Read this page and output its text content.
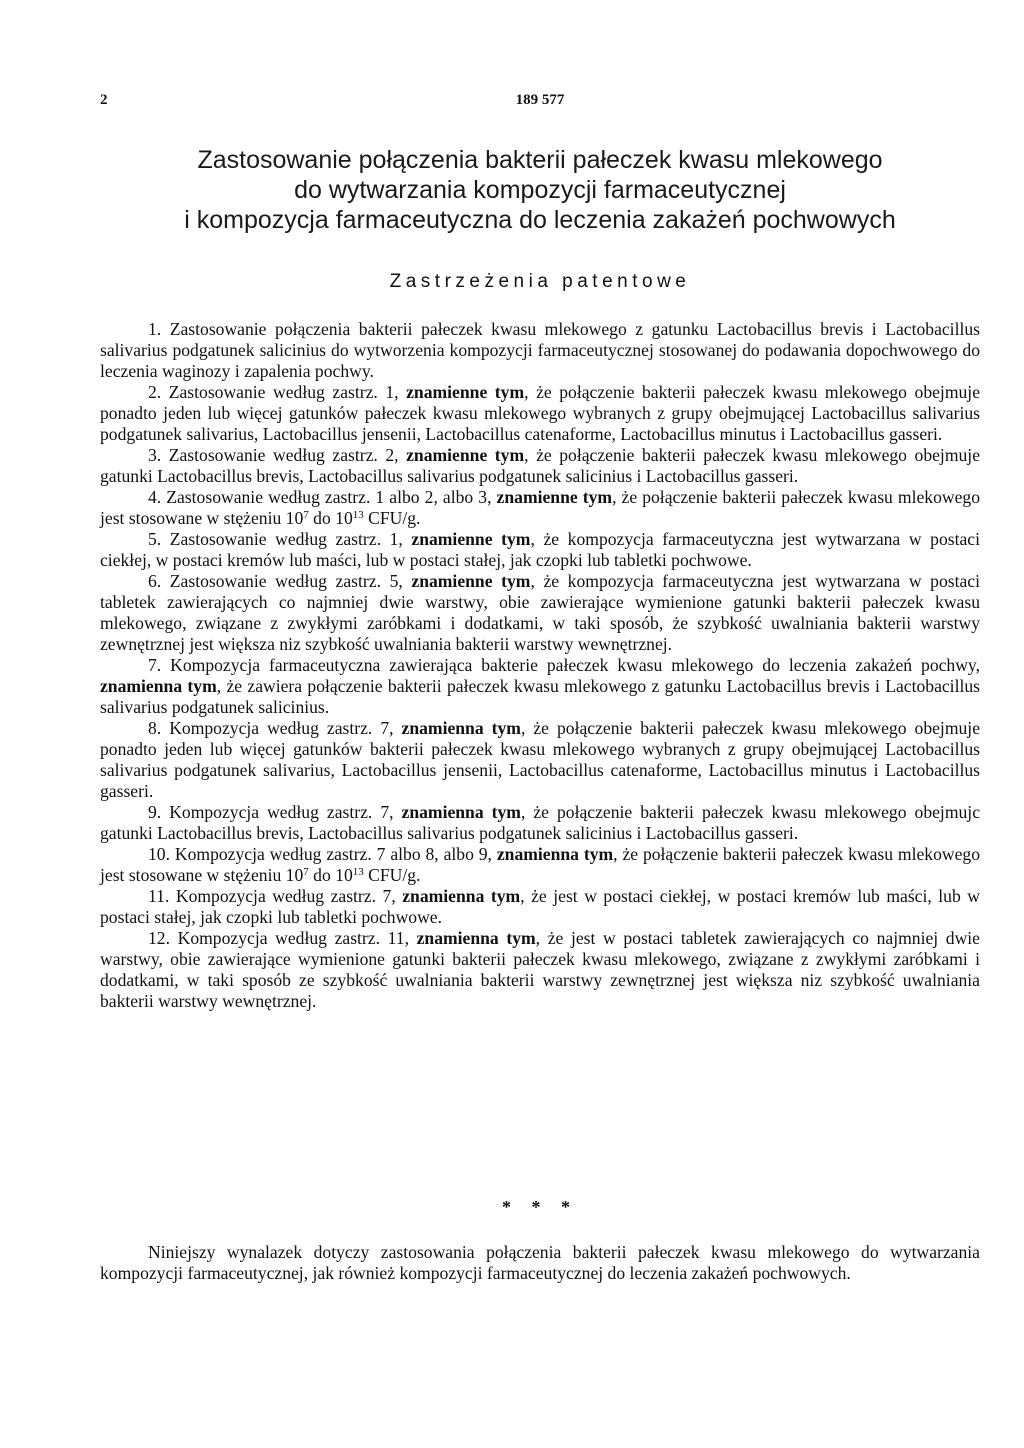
2	189 577
Zastosowanie połączenia bakterii pałeczek kwasu mlekowego
do wytwarzania kompozycji farmaceutycznej
i kompozycja farmaceutyczna do leczenia zakażeń pochwowych
Zastrzeżenia patentowe

1. Zastosowanie połączenia bakterii pałeczek kwasu mlekowego z gatunku Lactobacillus brevis i Lactobacillus salivarius podgatunek salicinius do wytworzenia kompozycji farmaceutycznej stosowanej do podawania dopochwowego do leczenia waginozy i zapalenia pochwy.

2. Zastosowanie według zastrz. 1, znamienne tym, że połączenie bakterii pałeczek kwasu mlekowego obejmuje ponadto jeden lub więcej gatunków pałeczek kwasu mlekowego wybranych z grupy obejmującej Lactobacillus salivarius podgatunek salivarius, Lactobacillus jensenii, Lactobacillus catenaforme, Lactobacillus minutus i Lactobacillus gasseri.

3. Zastosowanie według zastrz. 2, znamienne tym, że połączenie bakterii pałeczek kwasu mlekowego obejmuje gatunki Lactobacillus brevis, Lactobacillus salivarius podgatunek salicinius i Lactobacillus gasseri.

4. Zastosowanie według zastrz. 1 albo 2, albo 3, znamienne tym, że połączenie bakterii pałeczek kwasu mlekowego jest stosowane w stężeniu $10^7$ do $10^{13}$ CFU/g.

5. Zastosowanie według zastrz. 1, znamienne tym, że kompozycja farmaceutyczna jest wytwarzana w postaci ciekłej, w postaci kremów lub maści, lub w postaci stałej, jak czopki lub tabletki pochwowe.

6. Zastosowanie według zastrz. 5, znamienne tym, że kompozycja farmaceutyczna jest wytwarzana w postaci tabletek zawierających co najmniej dwie warstwy, obie zawierające wymienione gatunki bakterii pałeczek kwasu mlekowego, związane z zwykłymi zaróbkami i dodatkami, w taki sposób, że szybkość uwalniania bakterii warstwy zewnętrznej jest większa niz szybkość uwalniania bakterii warstwy wewnętrznej.

7. Kompozycja farmaceutyczna zawierająca bakterie pałeczek kwasu mlekowego do leczenia zakażeń pochwy, znamienna tym, że zawiera połączenie bakterii pałeczek kwasu mlekowego z gatunku Lactobacillus brevis i Lactobacillus salivarius podgatunek salicinius.

8. Kompozycja według zastrz. 7, znamienna tym, że połączenie bakterii pałeczek kwasu mlekowego obejmuje ponadto jeden lub więcej gatunków bakterii pałeczek kwasu mlekowego wybranych z grupy obejmującej Lactobacillus salivarius podgatunek salivarius, Lactobacillus jensenii, Lactobacillus catenaforme, Lactobacillus minutus i Lactobacillus gasseri.

9. Kompozycja według zastrz. 7, znamienna tym, że połączenie bakterii pałeczek kwasu mlekowego obejmujc gatunki Lactobacillus brevis, Lactobacillus salivarius podgatunek salicinius i Lactobacillus gasseri.

10. Kompozycja według zastrz. 7 albo 8, albo 9, znamienna tym, że połączenie bakterii pałeczek kwasu mlekowego jest stosowane w stężeniu $10^7$ do $10^{13}$ CFU/g.

11. Kompozycja według zastrz. 7, znamienna tym, że jest w postaci ciekłej, w postaci kremów lub maści, lub w postaci stałej, jak czopki lub tabletki pochwowe.

12. Kompozycja według zastrz. 11, znamienna tym, że jest w postaci tabletek zawierających co najmniej dwie warstwy, obie zawierające wymienione gatunki bakterii pałeczek kwasu mlekowego, związane z zwykłymi zaróbkami i dodatkami, w taki sposób ze szybkość uwalniania bakterii warstwy zewnętrznej jest większa niz szybkość uwalniania bakterii warstwy wewnętrznej.

* * *

Niniejszy wynalazek dotyczy zastosowania połączenia bakterii pałeczek kwasu mlekowego do wytwarzania kompozycji farmaceutycznej, jak również kompozycji farmaceutycznej do leczenia zakażeń pochwowych.
